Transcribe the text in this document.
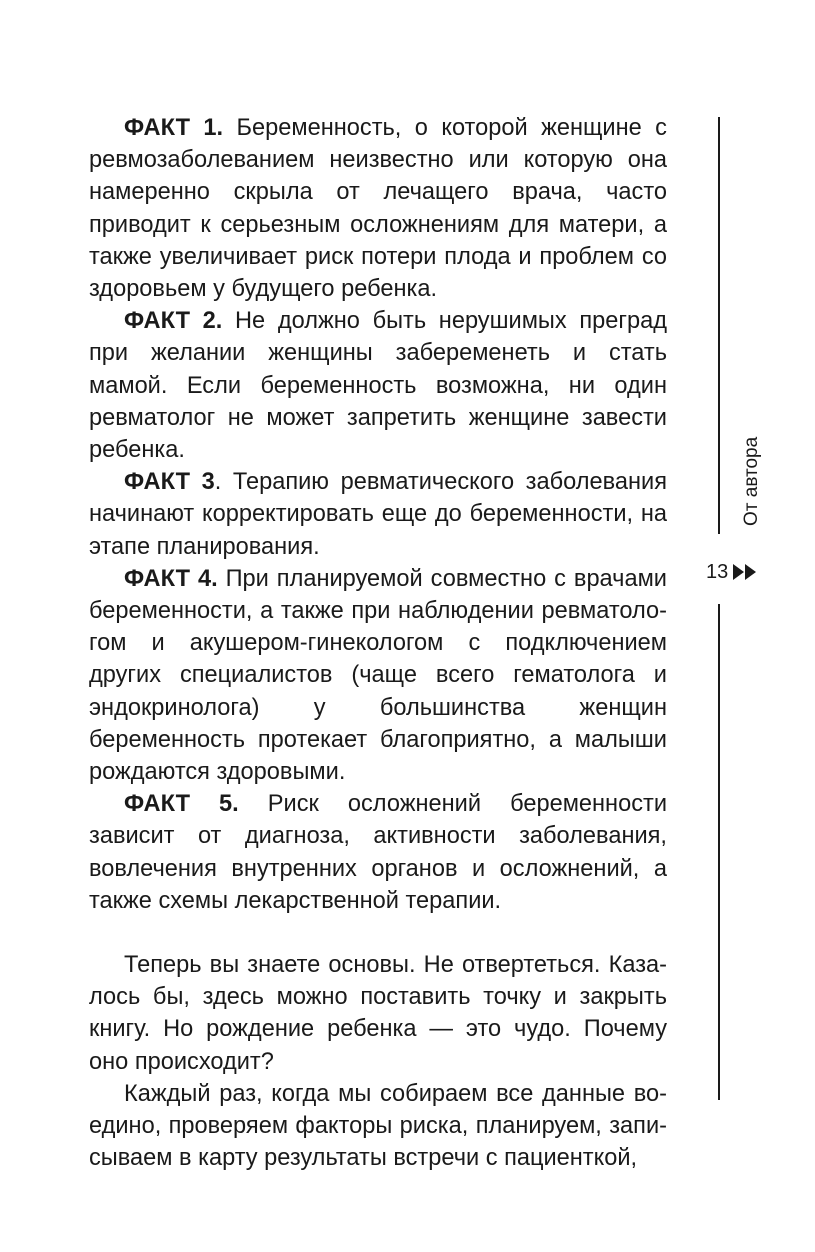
ФАКТ 1. Беременность, о которой женщине с ревмозаболеванием неизвестно или которую она намеренно скрыла от лечащего врача, часто приводит к серьезным осложнениям для матери, а также увеличивает риск потери плода и проблем со здоровьем у будущего ребенка.

ФАКТ 2. Не должно быть нерушимых преград при желании женщины забеременеть и стать мамой. Если беременность возможна, ни один ревматолог не может запретить женщине завести ребенка.

ФАКТ 3. Терапию ревматического заболевания начинают корректировать еще до беременности, на этапе планирования.

ФАКТ 4. При планируемой совместно с врачами беременности, а также при наблюдении ревматологом и акушером-гинекологом с подключением других специалистов (чаще всего гематолога и эндокринолога) у большинства женщин беременность протекает благоприятно, а малыши рождаются здоровыми.

ФАКТ 5. Риск осложнений беременности зависит от диагноза, активности заболевания, вовлечения внутренних органов и осложнений, а также схемы лекарственной терапии.

Теперь вы знаете основы. Не отвертеться. Казалось бы, здесь можно поставить точку и закрыть книгу. Но рождение ребенка — это чудо. Почему оно происходит?

Каждый раз, когда мы собираем все данные воедино, проверяем факторы риска, планируем, записываем в карту результаты встречи с пациенткой,

От автора
13
